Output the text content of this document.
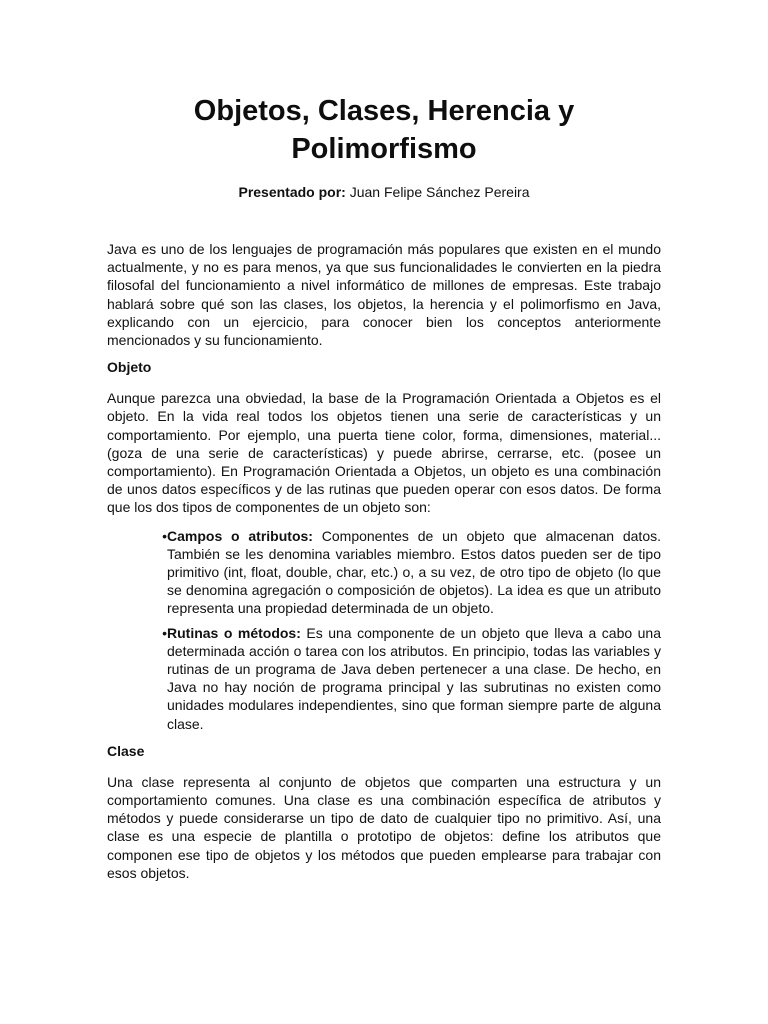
Objetos, Clases, Herencia y Polimorfismo
Presentado por: Juan Felipe Sánchez Pereira

Java es uno de los lenguajes de programación más populares que existen en el mundo actualmente, y no es para menos, ya que sus funcionalidades le convierten en la piedra filosofal del funcionamiento a nivel informático de millones de empresas. Este trabajo hablará sobre qué son las clases, los objetos, la herencia y el polimorfismo en Java, explicando con un ejercicio, para conocer bien los conceptos anteriormente mencionados y su funcionamiento.

Objeto

Aunque parezca una obviedad, la base de la Programación Orientada a Objetos es el objeto. En la vida real todos los objetos tienen una serie de características y un comportamiento. Por ejemplo, una puerta tiene color, forma, dimensiones, material... (goza de una serie de características) y puede abrirse, cerrarse, etc. (posee un comportamiento). En Programación Orientada a Objetos, un objeto es una combinación de unos datos específicos y de las rutinas que pueden operar con esos datos. De forma que los dos tipos de componentes de un objeto son:

• Campos o atributos: Componentes de un objeto que almacenan datos. También se les denomina variables miembro. Estos datos pueden ser de tipo primitivo (int, float, double, char, etc.) o, a su vez, de otro tipo de objeto (lo que se denomina agregación o composición de objetos). La idea es que un atributo representa una propiedad determinada de un objeto.
• Rutinas o métodos: Es una componente de un objeto que lleva a cabo una determinada acción o tarea con los atributos. En principio, todas las variables y rutinas de un programa de Java deben pertenecer a una clase. De hecho, en Java no hay noción de programa principal y las subrutinas no existen como unidades modulares independientes, sino que forman siempre parte de alguna clase.
Clase

Una clase representa al conjunto de objetos que comparten una estructura y un comportamiento comunes. Una clase es una combinación específica de atributos y métodos y puede considerarse un tipo de dato de cualquier tipo no primitivo. Así, una clase es una especie de plantilla o prototipo de objetos: define los atributos que componen ese tipo de objetos y los métodos que pueden emplearse para trabajar con esos objetos.
